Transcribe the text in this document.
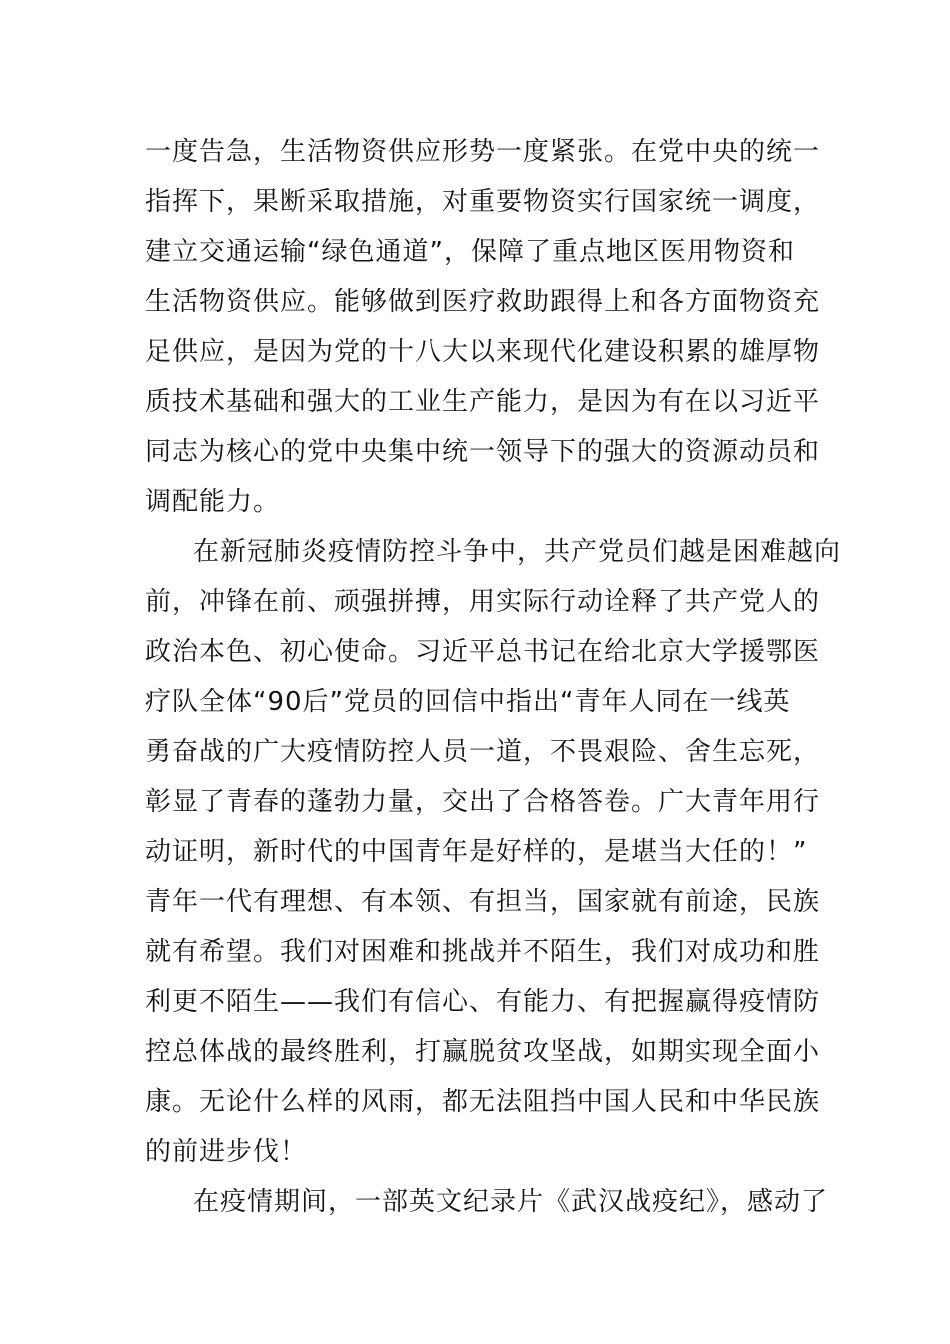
一度告急，生活物资供应形势一度紧张。在党中央的统一
指挥下，果断采取措施，对重要物资实行国家统一调度，
建立交通运输“绿色通道”，保障了重点地区医用物资和
生活物资供应。能够做到医疗救助跟得上和各方面物资充
足供应，是因为党的十八大以来现代化建设积累的雄厚物
质技术基础和强大的工业生产能力，是因为有在以习近平
同志为核心的党中央集中统一领导下的强大的资源动员和
调配能力。
在新冠肺炎疫情防控斗争中，共产党员们越是困难越向
前，冲锋在前、顽强拼搏，用实际行动诠释了共产党人的
政治本色、初心使命。习近平总书记在给北京大学援鄂医
疗队全体“90后”党员的回信中指出“青年人同在一线英
勇奋战的广大疫情防控人员一道，不畏艰险、舍生忘死，
彰显了青春的蓬勃力量，交出了合格答卷。广大青年用行
动证明，新时代的中国青年是好样的，是堪当大任的！”
青年一代有理想、有本领、有担当，国家就有前途，民族
就有希望。我们对困难和挑战并不陌生，我们对成功和胜
利更不陌生——我们有信心、有能力、有把握赢得疫情防
控总体战的最终胜利，打赢脱贫攻坚战，如期实现全面小
康。无论什么样的风雨，都无法阻挡中国人民和中华民族
的前进步伐！
在疫情期间，一部英文纪录片《武汉战疫纪》，感动了
